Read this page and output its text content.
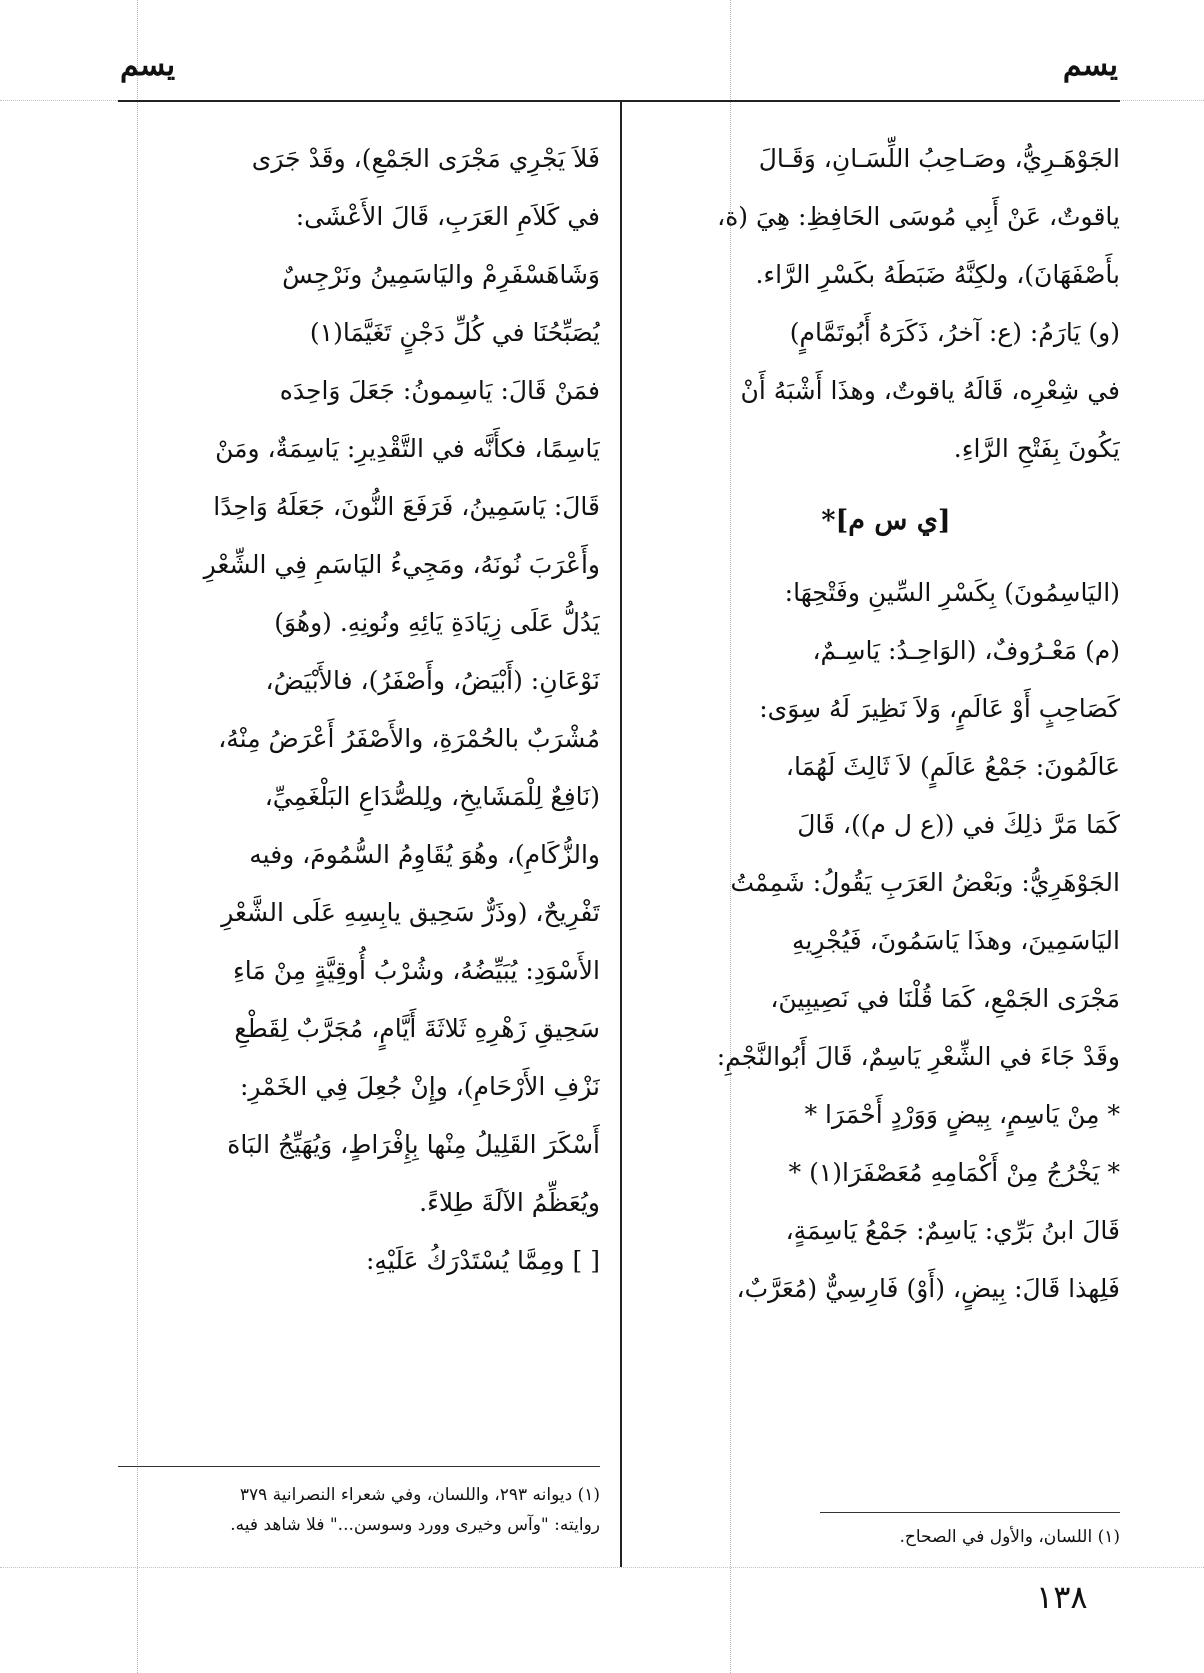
يسم
يسم
الجَوْهَـرِيُّ، وصَـاحِبُ اللِّسَـانِ، وَقَـالَ
ياقوتٌ، عَنْ أَبِي مُوسَى الحَافِظِ: هِيَ (ة،
بأَصْفَهَانَ)، ولكِنَّهُ ضَبَطَهُ بكَسْرِ الرَّاء.
(و) يَارَمُ: (ع: آخرُ، ذَكَرَهُ أَبُوتَمَّامٍ)
في شِعْرِه، قَالَهُ ياقوتٌ، وهذَا أَشْبَهُ أَنْ
يَكُونَ بِفَتْحِ الرَّاءِ.
[ي س م]*
(اليَاسِمُونَ) بِكَسْرِ السِّينِ وفَتْحِهَا:
(م) مَعْـرُوفٌ، (الوَاحِـدُ: يَاسِـمٌ،
كَصَاحِبٍ أَوْ عَالَمٍ، وَلاَ نَظِيرَ لَهُ سِوَى:
عَالَمُونَ: جَمْعُ عَالَمٍ) لاَ ثَالِثَ لَهُمَا،
كَمَا مَرَّ ذلِكَ في ((ع ل م))، قَالَ
الجَوْهَرِيُّ: وبَعْضُ العَرَبِ يَقُولُ: شَمِمْتُ
اليَاسَمِينَ، وهذَا يَاسَمُونَ، فَيُجْرِيهِ
مَجْرَى الجَمْعِ، كَمَا قُلْنَا في نَصِيبِينَ،
وقَدْ جَاءَ في الشِّعْرِ يَاسِمٌ، قَالَ أَبُوالنَّجْمِ:
* مِنْ يَاسِمٍ، بِيضٍ وَوَرْدٍ أَحْمَرَا *
* يَخْرُجُ مِنْ أَكْمَامِهِ مُعَصْفَرَا(١) *
قَالَ ابنُ بَرِّي: يَاسِمٌ: جَمْعُ يَاسِمَةٍ،
فَلِهذا قَالَ: بِيضٍ، (أَوْ) فَارِسِيٌّ (مُعَرَّبٌ،
فَلاَ يَجْرِي مَجْرَى الجَمْعِ)، وقَدْ جَرَى
في كَلاَمِ العَرَبِ، قَالَ الأَعْشَى:
وَشَاهَسْفَرِمْ واليَاسَمِينُ ونَرْجِسٌ
يُصَبِّحُنَا في كُلِّ دَجْنٍ تَغَيَّمَا(١)
فمَنْ قَالَ: يَاسِمونُ: جَعَلَ وَاحِدَه
يَاسِمًا، فكأَنَّه في التَّقْدِيرِ: يَاسِمَةٌ، ومَنْ
قَالَ: يَاسَمِينُ، فَرَفَعَ النُّونَ، جَعَلَهُ وَاحِدًا
وأَعْرَبَ نُونَهُ، ومَجِيءُ اليَاسَمِ فِي الشِّعْرِ
يَدُلُّ عَلَى زِيَادَةِ يَائِهِ ونُونِهِ. (وهُوَ)
نَوْعَانِ: (أَبْيَضُ، وأَصْفَرُ)، فالأَبْيَضُ،
مُشْرَبٌ بالحُمْرَةِ، والأَصْفَرُ أَعْرَضُ مِنْهُ،
(نَافِعٌ لِلْمَشَايخِ، ولِلصُّدَاعِ البَلْغَمِيِّ،
والزُّكَامِ)، وهُوَ يُقَاوِمُ السُّمُومَ، وفيه
تَفْرِيحٌ، (وذَرٌّ سَحِيق يابِسِهِ عَلَى الشَّعْرِ
الأَسْوَدِ: يُبَيِّضُهُ، وشُرْبُ أُوقِيَّةٍ مِنْ مَاءِ
سَحِيقِ زَهْرِهِ ثَلاثَةَ أَيَّامٍ، مُجَرَّبٌ لِقَطْعِ
نَزْفِ الأَرْحَامِ)، وإِنْ جُعِلَ فِي الخَمْرِ:
أَسْكَرَ القَلِيلُ مِنْها بِإِفْرَاطٍ، وَيُهَيِّجُ البَاهَ
ويُعَظِّمُ الآلَةَ طِلاءً.
[ ] ومِمَّا يُسْتَدْرَكُ عَلَيْهِ:
(١) اللسان، والأول في الصحاح.
(١) ديوانه ٢٩٣، واللسان، وفي شعراء النصرانية ٣٧٩
روايته: "وآس وخيرى وورد وسوسن..." فلا شاهد فيه.
١٣٨
